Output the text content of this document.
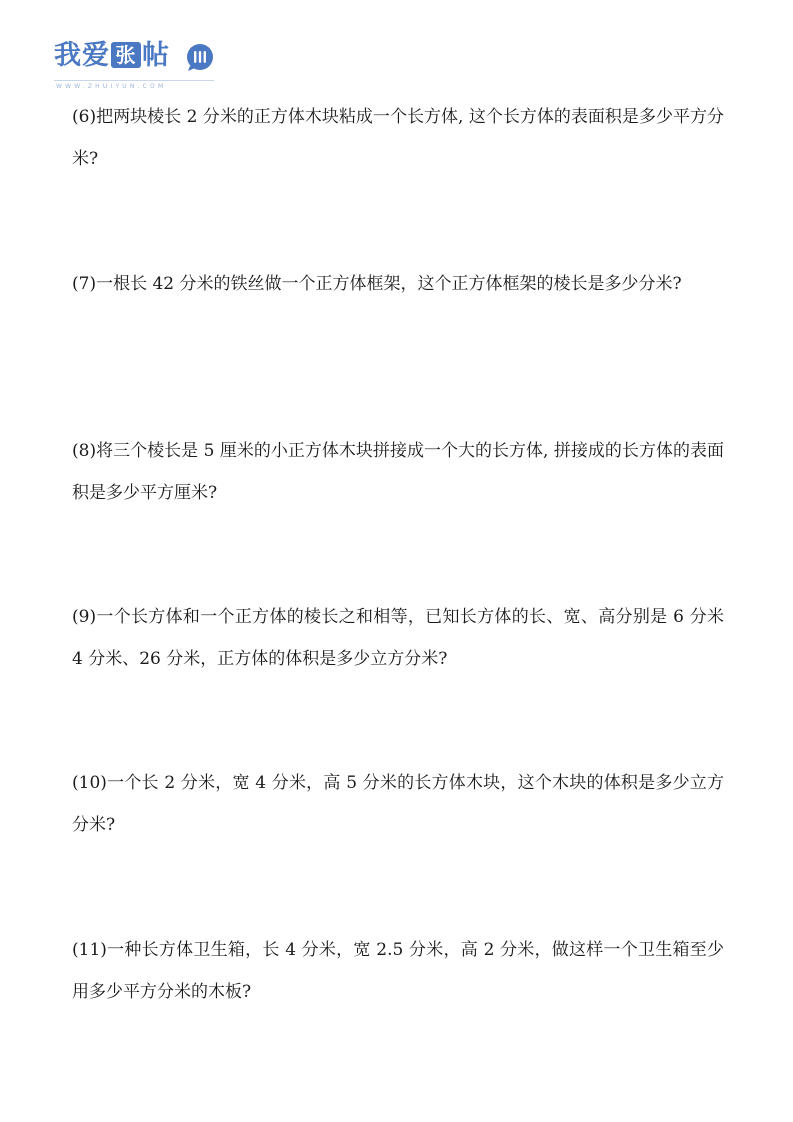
我爱 张 帖
WWW.ZHUIYUN.COM

(6)把两块棱长 2 分米的正方体木块粘成一个长方体, 这个长方体的表面积是多少平方分米?

(7)一根长 42 分米的铁丝做一个正方体框架，这个正方体框架的棱长是多少分米?

(8)将三个棱长是 5 厘米的小正方体木块拼接成一个大的长方体, 拼接成的长方体的表面积是多少平方厘米?

(9)一个长方体和一个正方体的棱长之和相等，已知长方体的长、宽、高分别是 6 分米 4 分米、26 分米，正方体的体积是多少立方分米?

(10)一个长 2 分米，宽 4 分米，高 5 分米的长方体木块，这个木块的体积是多少立方分米?

(11)一种长方体卫生箱，长 4 分米，宽 2.5 分米，高 2 分米，做这样一个卫生箱至少用多少平方分米的木板?
